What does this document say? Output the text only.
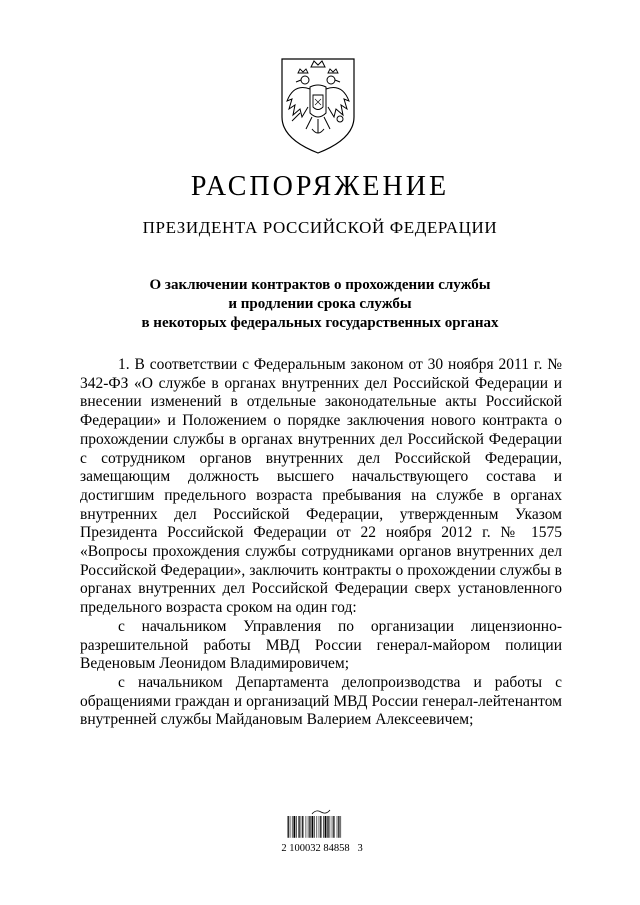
РАСПОРЯЖЕНИЕ
ПРЕЗИДЕНТА РОССИЙСКОЙ ФЕДЕРАЦИИ
О заключении контрактов о прохождении службы
и продлении срока службы
в некоторых федеральных государственных органах

1. В соответствии с Федеральным законом от 30 ноября 2011 г. № 342-ФЗ «О службе в органах внутренних дел Российской Федерации и внесении изменений в отдельные законодательные акты Российской Федерации» и Положением о порядке заключения нового контракта о прохождении службы в органах внутренних дел Российской Федерации с сотрудником органов внутренних дел Российской Федерации, замещающим должность высшего начальствующего состава и достигшим предельного возраста пребывания на службе в органах внутренних дел Российской Федерации, утвержденным Указом Президента Российской Федерации от 22 ноября 2012 г. № 1575 «Вопросы прохождения службы сотрудниками органов внутренних дел Российской Федерации», заключить контракты о прохождении службы в органах внутренних дел Российской Федерации сверх установленного предельного возраста сроком на один год:

с начальником Управления по организации лицензионно-разрешительной работы МВД России генерал-майором полиции Веденовым Леонидом Владимировичем;

с начальником Департамента делопроизводства и работы с обращениями граждан и организаций МВД России генерал-лейтенантом внутренней службы Майдановым Валерием Алексеевичем;

2 100032 84858   3
